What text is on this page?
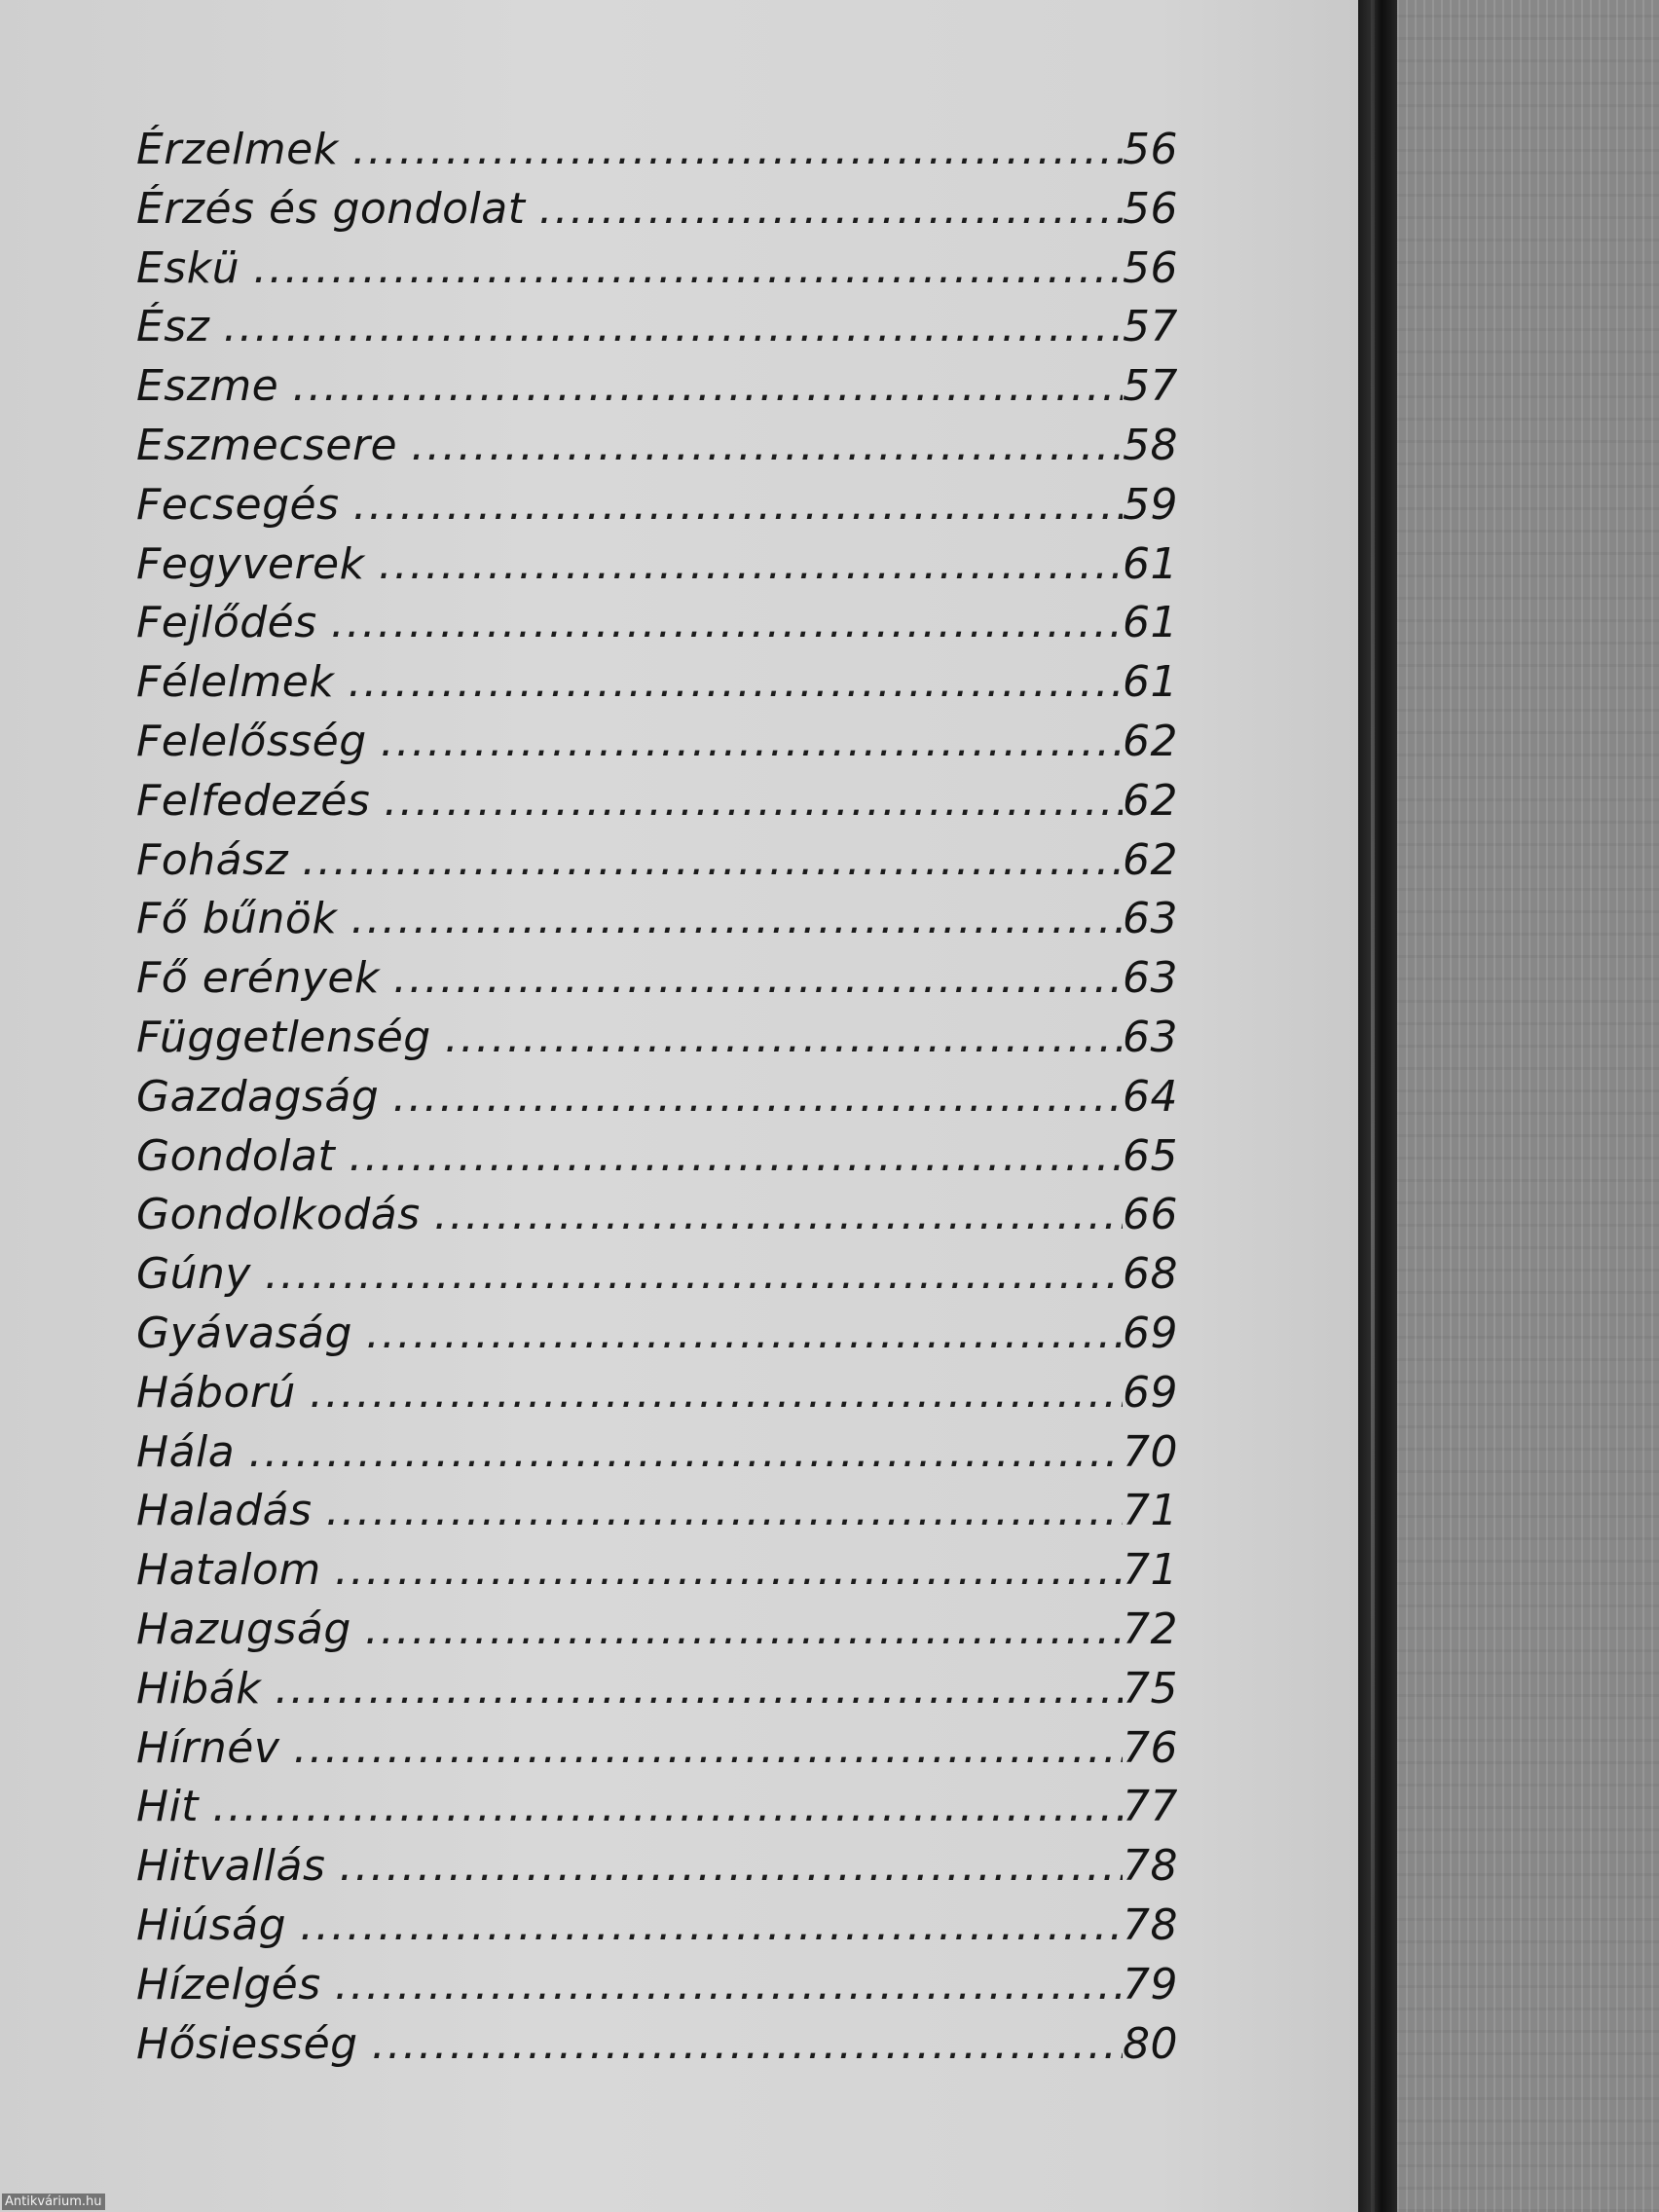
Érzelmek .....	56
Érzés és gondolat .....	56
Eskü .....	56
Ész .....	57
Eszme .....	57
Eszmecsere .....	58
Fecsegés .....	59
Fegyverek .....	61
Fejlődés .....	61
Félelmek .....	61
Felelősség .....	62
Felfedezés .....	62
Fohász .....	62
Fő bűnök .....	63
Fő erények .....	63
Függetlenség .....	63
Gazdagság .....	64
Gondolat .....	65
Gondolkodás .....	66
Gúny .....	68
Gyávaság .....	69
Háború .....	69
Hála .....	70
Haladás .....	71
Hatalom .....	71
Hazugság .....	72
Hibák .....	75
Hírnév .....	76
Hit .....	77
Hitvallás .....	78
Hiúság .....	78
Hízelgés .....	79
Hősiesség .....	80
Antikvárium.hu
